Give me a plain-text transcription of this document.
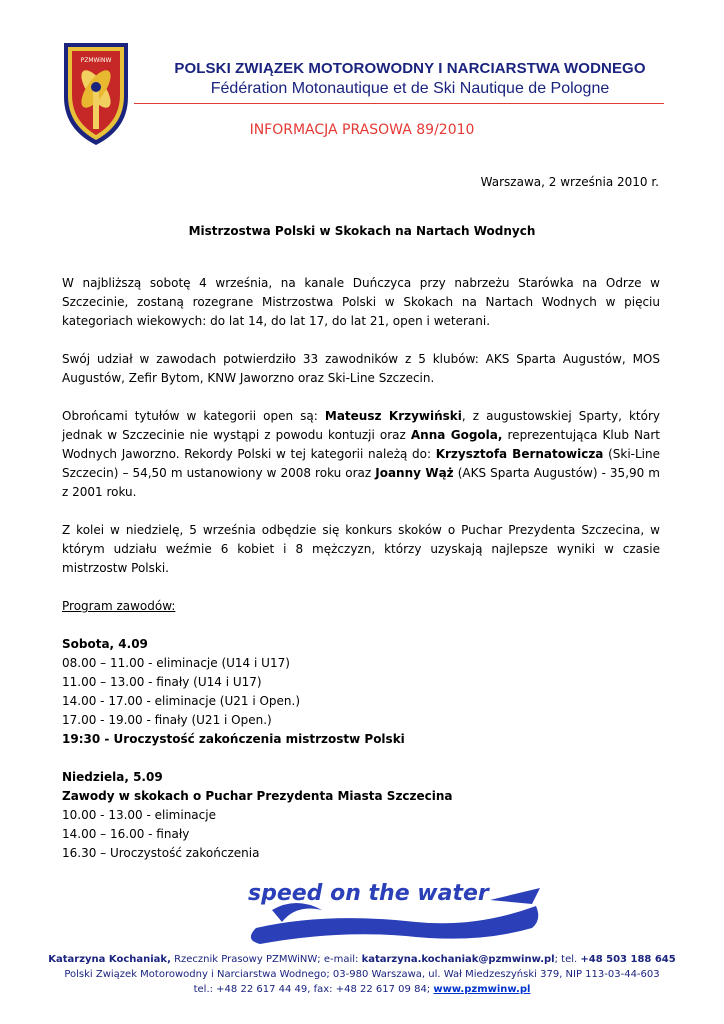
PZMWiNW	POLSKI ZWIĄZEK MOTOROWODNY I NARCIARSTWA WODNEGO
Fédération Motonautique et de Ski Nautique de Pologne
INFORMACJA PRASOWA 89/2010
Warszawa, 2 września 2010 r.
Mistrzostwa Polski w Skokach na Nartach Wodnych

W najbliższą sobotę 4 września, na kanale Duńczyca przy nabrzeżu Starówka na Odrze w Szczecinie, zostaną rozegrane Mistrzostwa Polski w Skokach na Nartach Wodnych w pięciu kategoriach wiekowych: do lat 14, do lat 17, do lat 21, open i weterani.

Swój udział w zawodach potwierdziło 33 zawodników z 5 klubów: AKS Sparta Augustów, MOS Augustów, Zefir Bytom, KNW Jaworzno oraz Ski-Line Szczecin.

Obrońcami tytułów w kategorii open są: Mateusz Krzywiński, z augustowskiej Sparty, który jednak w Szczecinie nie wystąpi z powodu kontuzji oraz Anna Gogola, reprezentująca Klub Nart Wodnych Jaworzno. Rekordy Polski w tej kategorii należą do: Krzysztofa Bernatowicza (Ski-Line Szczecin) – 54,50 m ustanowiony w 2008 roku oraz Joanny Wąż (AKS Sparta Augustów) - 35,90 m z 2001 roku.

Z kolei w niedzielę, 5 września odbędzie się konkurs skoków o Puchar Prezydenta Szczecina, w którym udziału weźmie 6 kobiet i 8 mężczyzn, którzy uzyskają najlepsze wyniki w czasie mistrzostw Polski.

Program zawodów:
Sobota, 4.09
08.00 – 11.00 - eliminacje (U14 i U17)
11.00 – 13.00 - finały (U14 i U17)
14.00 - 17.00 - eliminacje (U21 i Open.)
17.00 - 19.00 - finały (U21 i Open.)
19:30 - Uroczystość zakończenia mistrzostw Polski
Niedziela, 5.09
Zawody w skokach o Puchar Prezydenta Miasta Szczecina
10.00 - 13.00 - eliminacje
14.00 – 16.00 - finały
16.30 – Uroczystość zakończenia
speed on the water
Katarzyna Kochaniak, Rzecznik Prasowy PZMWiNW; e-mail: katarzyna.kochaniak@pzmwinw.pl; tel. +48 503 188 645
Polski Związek Motorowodny i Narciarstwa Wodnego; 03-980 Warszawa, ul. Wał Miedzeszyński 379, NIP 113-03-44-603
tel.: +48 22 617 44 49, fax: +48 22 617 09 84; www.pzmwinw.pl
